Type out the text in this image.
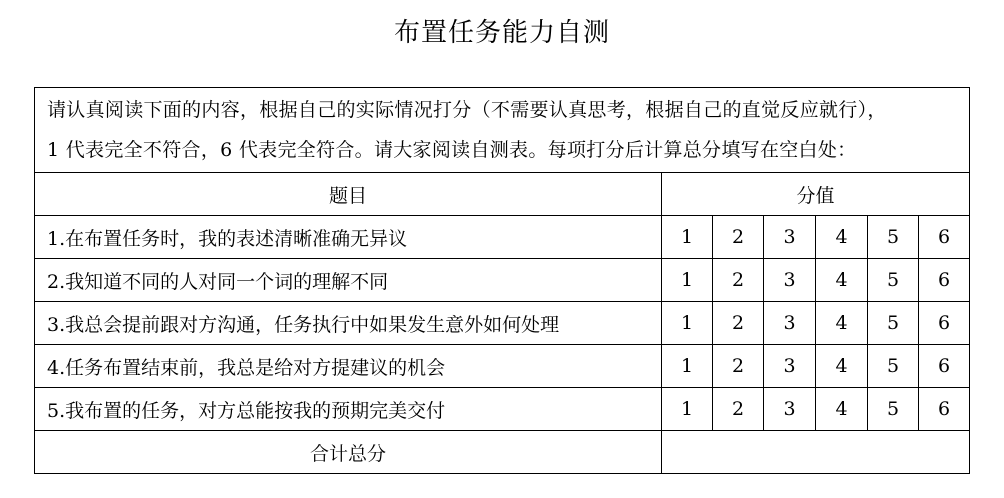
布置任务能力自测
请认真阅读下面的内容，根据自己的实际情况打分（不需要认真思考，根据自己的直觉反应就行），
1 代表完全不符合，6 代表完全符合。请大家阅读自测表。每项打分后计算总分填写在空白处：						

题目	分值					
1.在布置任务时，我的表述清晰准确无异议	1	2	3	4	5	6
2.我知道不同的人对同一个词的理解不同	1	2	3	4	5	6
3.我总会提前跟对方沟通，任务执行中如果发生意外如何处理	1	2	3	4	5	6
4.任务布置结束前，我总是给对方提建议的机会	1	2	3	4	5	6
5.我布置的任务，对方总能按我的预期完美交付	1	2	3	4	5	6
合计总分						
